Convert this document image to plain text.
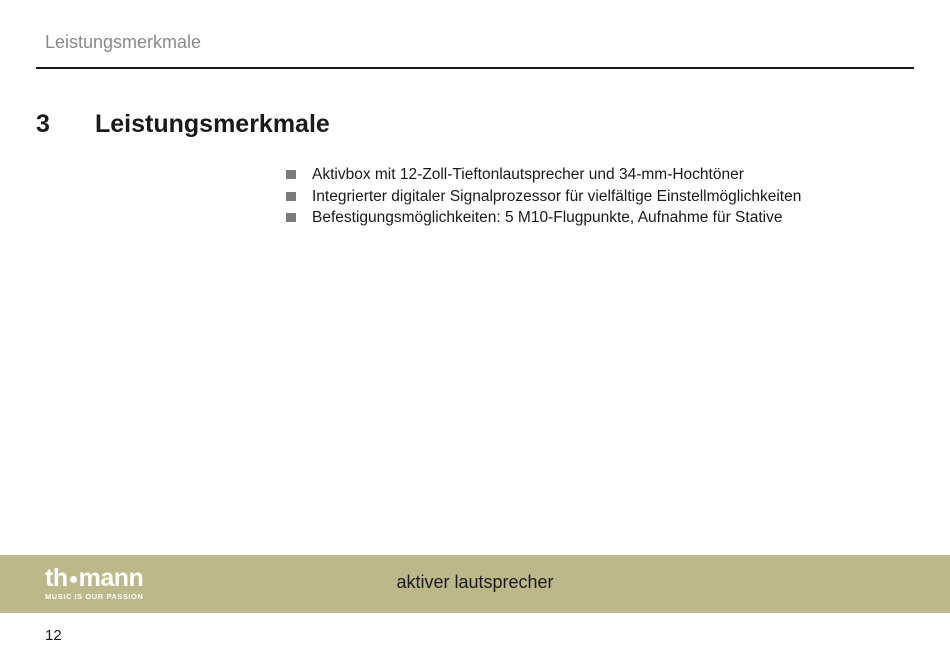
Leistungsmerkmale
3 Leistungsmerkmale
Aktivbox mit 12-Zoll-Tieftonlautsprecher und 34-mm-Hochtöner
Integrierter digitaler Signalprozessor für vielfältige Einstellmöglichkeiten
Befestigungsmöglichkeiten: 5 M10-Flugpunkte, Aufnahme für Stative
th mann
MUSIC IS OUR PASSION
aktiver lautsprecher
12
